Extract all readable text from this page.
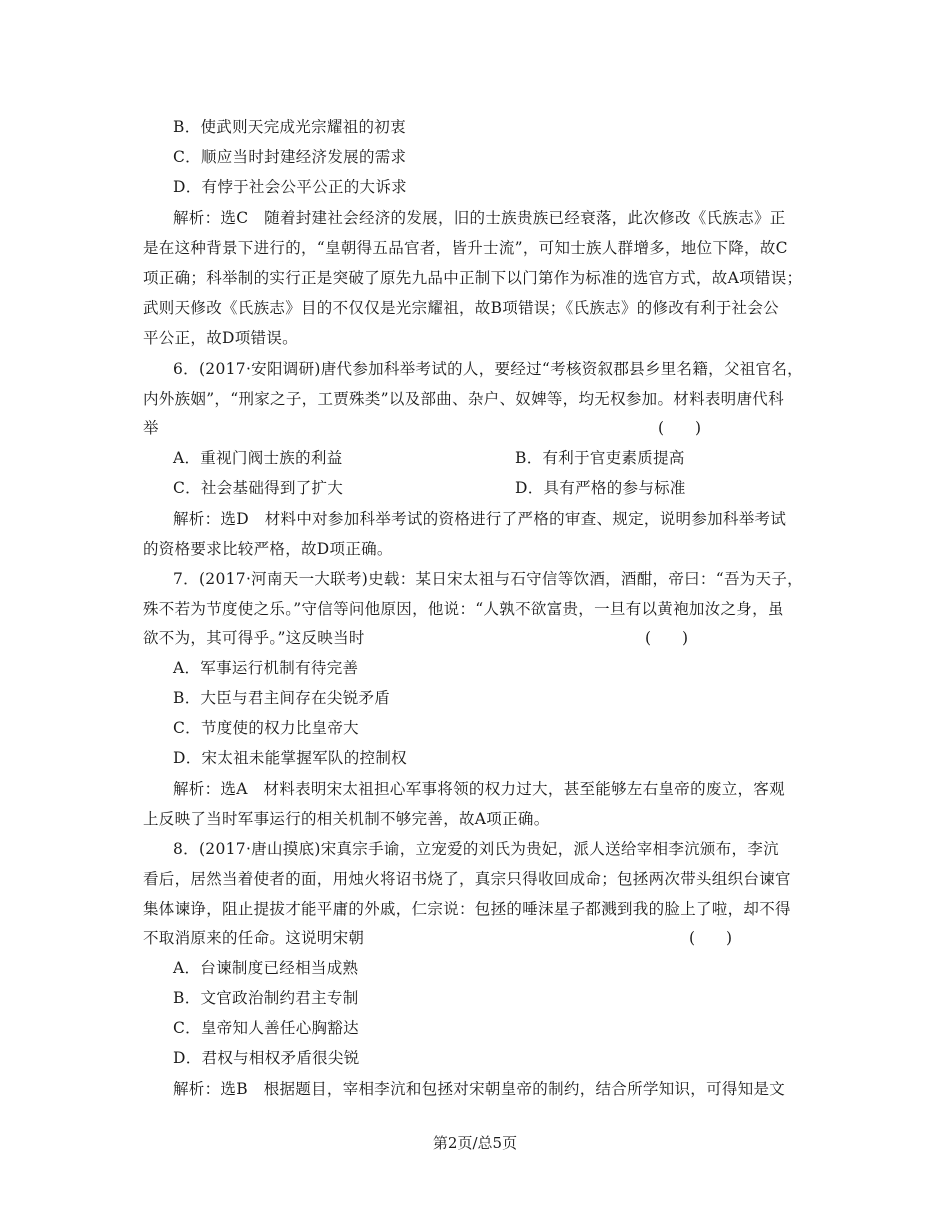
B．使武则天完成光宗耀祖的初衷
C．顺应当时封建经济发展的需求
D．有悖于社会公平公正的大诉求
解析：选C　随着封建社会经济的发展，旧的士族贵族已经衰落，此次修改《氏族志》正
是在这种背景下进行的，“皇朝得五品官者，皆升士流”，可知士族人群增多，地位下降，故C
项正确；科举制的实行正是突破了原先九品中正制下以门第作为标准的选官方式，故A项错误；
武则天修改《氏族志》目的不仅仅是光宗耀祖，故B项错误；《氏族志》的修改有利于社会公
平公正，故D项错误。
6．(2017·安阳调研)唐代参加科举考试的人，要经过“考核资叙郡县乡里名籍，父祖官名，
内外族姻”，“刑家之子，工贾殊类”以及部曲、杂户、奴婢等，均无权参加。材料表明唐代科
举	(　　)
A．重视门阀士族的利益	B．有利于官吏素质提高
C．社会基础得到了扩大	D．具有严格的参与标准
解析：选D　材料中对参加科举考试的资格进行了严格的审查、规定，说明参加科举考试
的资格要求比较严格，故D项正确。
7．(2017·河南天一大联考)史载：某日宋太祖与石守信等饮酒，酒酣，帝曰：“吾为天子，
殊不若为节度使之乐。”守信等问他原因，他说：“人孰不欲富贵，一旦有以黄袍加汝之身，虽
欲不为，其可得乎。”这反映当时	(　　)
A．军事运行机制有待完善
B．大臣与君主间存在尖锐矛盾
C．节度使的权力比皇帝大
D．宋太祖未能掌握军队的控制权
解析：选A　材料表明宋太祖担心军事将领的权力过大，甚至能够左右皇帝的废立，客观
上反映了当时军事运行的相关机制不够完善，故A项正确。
8．(2017·唐山摸底)宋真宗手谕，立宠爱的刘氏为贵妃，派人送给宰相李沆颁布，李沆
看后，居然当着使者的面，用烛火将诏书烧了，真宗只得收回成命；包拯两次带头组织台谏官
集体谏诤，阻止提拔才能平庸的外戚，仁宗说：包拯的唾沫星子都溅到我的脸上了啦，却不得
不取消原来的任命。这说明宋朝	(　　)
A．台谏制度已经相当成熟
B．文官政治制约君主专制
C．皇帝知人善任心胸豁达
D．君权与相权矛盾很尖锐
解析：选B　根据题目，宰相李沆和包拯对宋朝皇帝的制约，结合所学知识，可得知是文
第2页/总5页
